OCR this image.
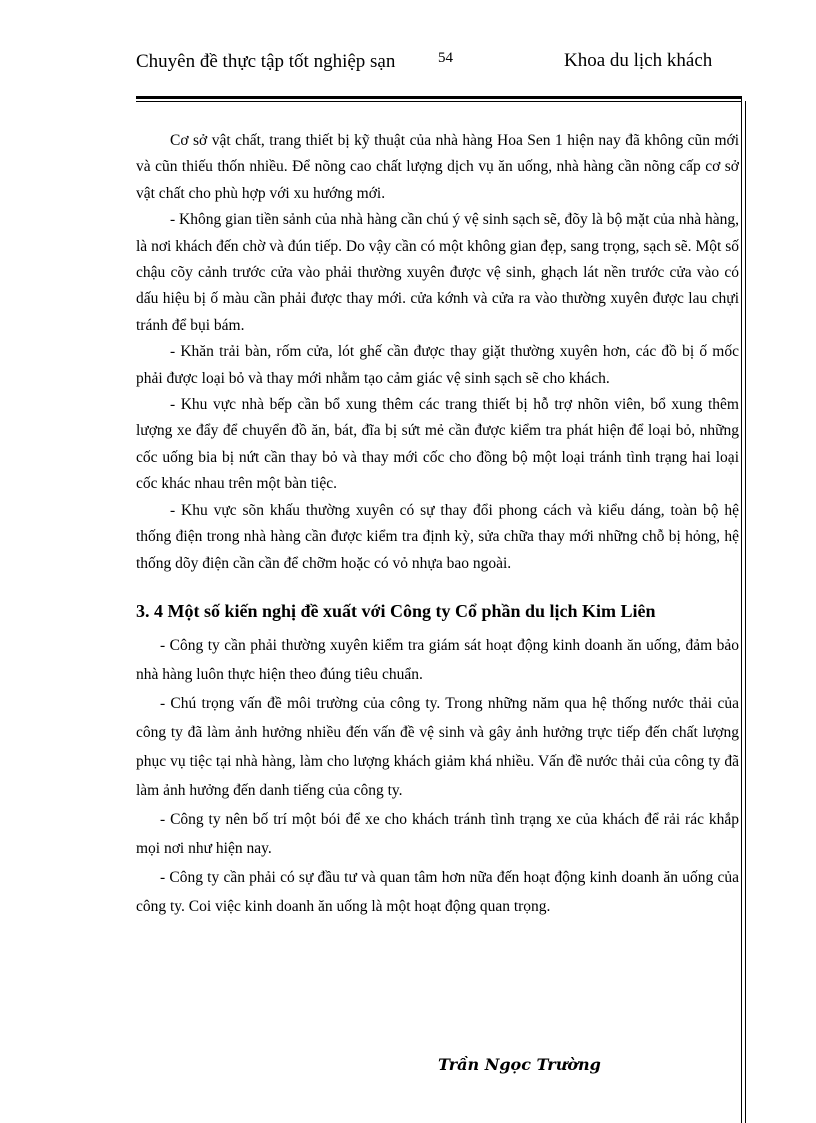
Chuyên đề thực tập tốt nghiệp sạn	54	Khoa du lịch khách

Cơ sở vật chất, trang thiết bị kỹ thuật của nhà hàng Hoa Sen 1 hiện nay đã không cũn mới và cũn thiếu thốn nhiều. Để nõng cao chất lượng dịch vụ ăn uống, nhà hàng cần nõng cấp cơ sở vật chất cho phù hợp với xu hướng mới.

- Không gian tiền sảnh của nhà hàng cần chú ý vệ sinh sạch sẽ, đõy là bộ mặt của nhà hàng, là nơi khách đến chờ và đún tiếp. Do vậy cần có một không gian đẹp, sang trọng, sạch sẽ. Một số chậu cõy cảnh trước cửa vào phải thường xuyên được vệ sinh, ghạch lát nền trước cửa vào có dấu hiệu bị ố màu cần phải được thay mới. cửa kớnh và cửa ra vào thường xuyên được lau chựi tránh để bụi bám.

- Khăn trải bàn, rốm cửa, lót ghế cần được thay giặt thường xuyên hơn, các đồ bị ố mốc phải được loại bỏ và thay mới nhằm tạo cảm giác vệ sinh sạch sẽ cho khách.

- Khu vực nhà bếp cần bổ xung thêm các trang thiết bị hỗ trợ nhõn viên, bổ xung thêm lượng xe đẩy để chuyển đồ ăn, bát, đĩa bị sứt mẻ cần được kiểm tra phát hiện để loại bỏ, những cốc uống bia bị nứt cần thay bỏ và thay mới cốc cho đồng bộ một loại tránh tình trạng hai loại cốc khác nhau trên một bàn tiệc.

- Khu vực sõn khấu thường xuyên có sự thay đổi phong cách và kiểu dáng, toàn bộ hệ thống điện trong nhà hàng cần được kiểm tra định kỳ, sửa chữa thay mới những chỗ bị hỏng, hệ thống dõy điện cần cần để chỡm hoặc có vỏ nhựa bao ngoài.

3. 4 Một số kiến nghị đề xuất với Công ty Cổ phần du lịch Kim Liên

- Công ty cần phải thường xuyên kiểm tra giám sát hoạt động kinh doanh ăn uống, đảm bảo nhà hàng luôn thực hiện theo đúng tiêu chuẩn.

- Chú trọng vấn đề môi trường của công ty. Trong những năm qua hệ thống nước thải của công ty đã làm ảnh hưởng nhiều đến vấn đề vệ sinh và gây ảnh hưởng trực tiếp đến chất lượng phục vụ tiệc tại nhà hàng, làm cho lượng khách giảm khá nhiều. Vấn đề nước thải của công ty đã làm ảnh hưởng đến danh tiếng của công ty.

- Công ty nên bố trí một bói để xe cho khách tránh tình trạng xe của khách để rải rác khắp mọi nơi như hiện nay.

- Công ty cần phải có sự đầu tư và quan tâm hơn nữa đến hoạt động kinh doanh ăn uống của công ty. Coi việc kinh doanh ăn uống là một hoạt động quan trọng.

Trần Ngọc Trường
